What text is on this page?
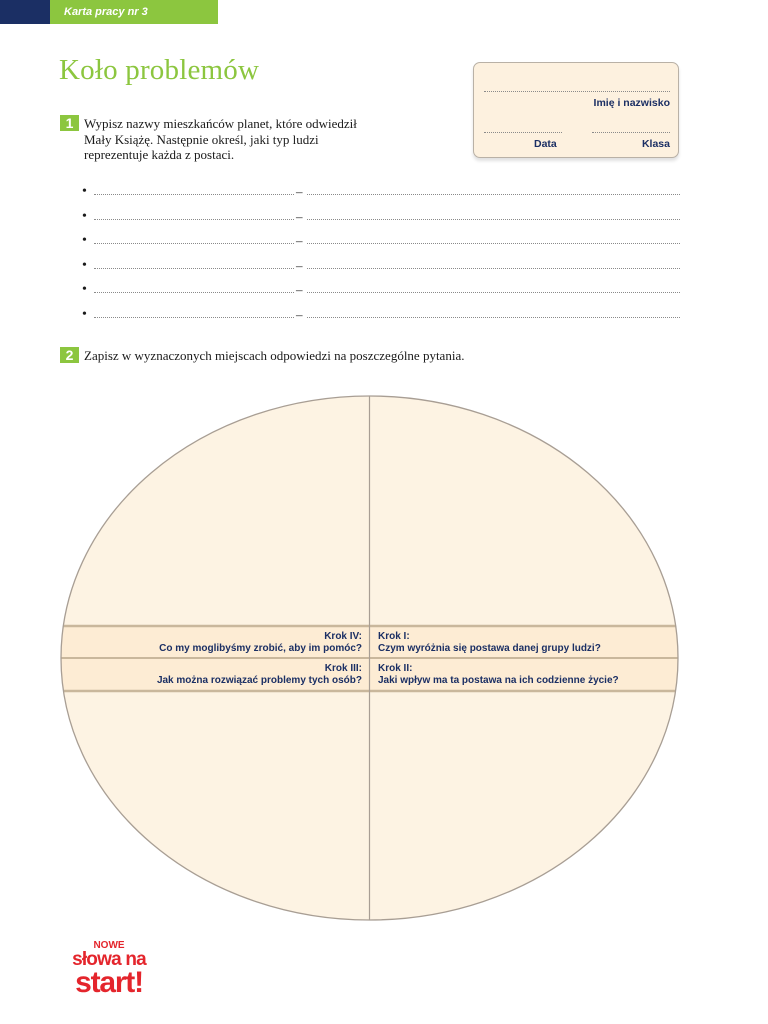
Karta pracy nr 3
Koło problemów
Imię i nazwisko
Data	Klasa
1 Wypisz nazwy mieszkańców planet, które odwiedził
Mały Książę. Następnie określ, jaki typ ludzi
reprezentuje każda z postaci.
•	–
•	–
•	–
•	–
•	–
•	–
2 Zapisz w wyznaczonych miejscach odpowiedzi na poszczególne pytania.
Krok IV:
Co my moglibyśmy zrobić, aby im pomóc?
Krok I:
Czym wyróżnia się postawa danej grupy ludzi?
Krok III:
Jak można rozwiązać problemy tych osób?
Krok II:
Jaki wpływ ma ta postawa na ich codzienne życie?
NOWE
słowa na
start!
